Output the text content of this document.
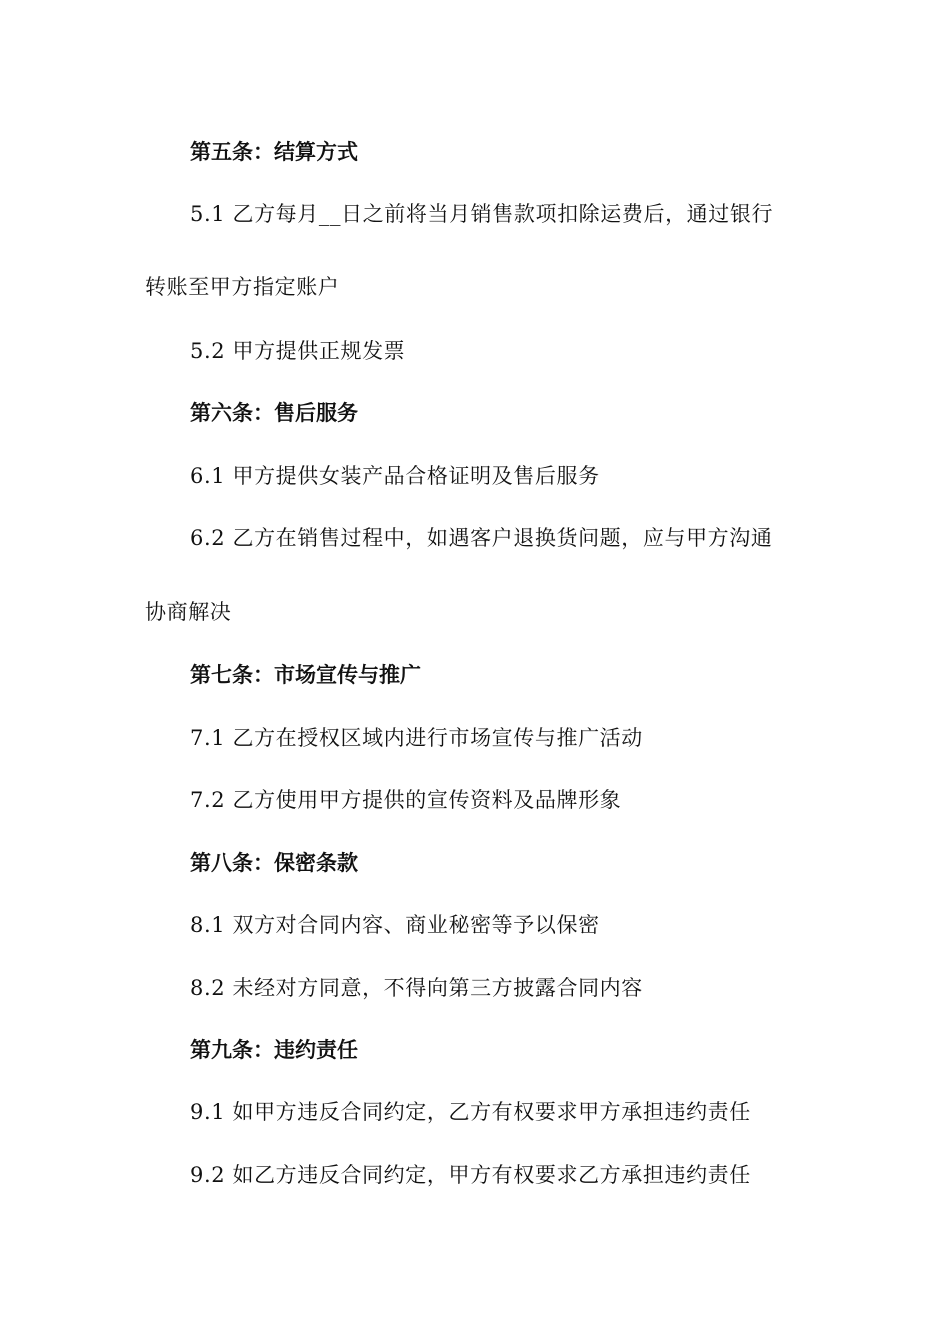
第五条：结算方式
5.1 乙方每月__日之前将当月销售款项扣除运费后，通过银行
转账至甲方指定账户
5.2 甲方提供正规发票
第六条：售后服务
6.1 甲方提供女装产品合格证明及售后服务
6.2 乙方在销售过程中，如遇客户退换货问题，应与甲方沟通
协商解决
第七条：市场宣传与推广
7.1 乙方在授权区域内进行市场宣传与推广活动
7.2 乙方使用甲方提供的宣传资料及品牌形象
第八条：保密条款
8.1 双方对合同内容、商业秘密等予以保密
8.2 未经对方同意，不得向第三方披露合同内容
第九条：违约责任
9.1 如甲方违反合同约定，乙方有权要求甲方承担违约责任
9.2 如乙方违反合同约定，甲方有权要求乙方承担违约责任
